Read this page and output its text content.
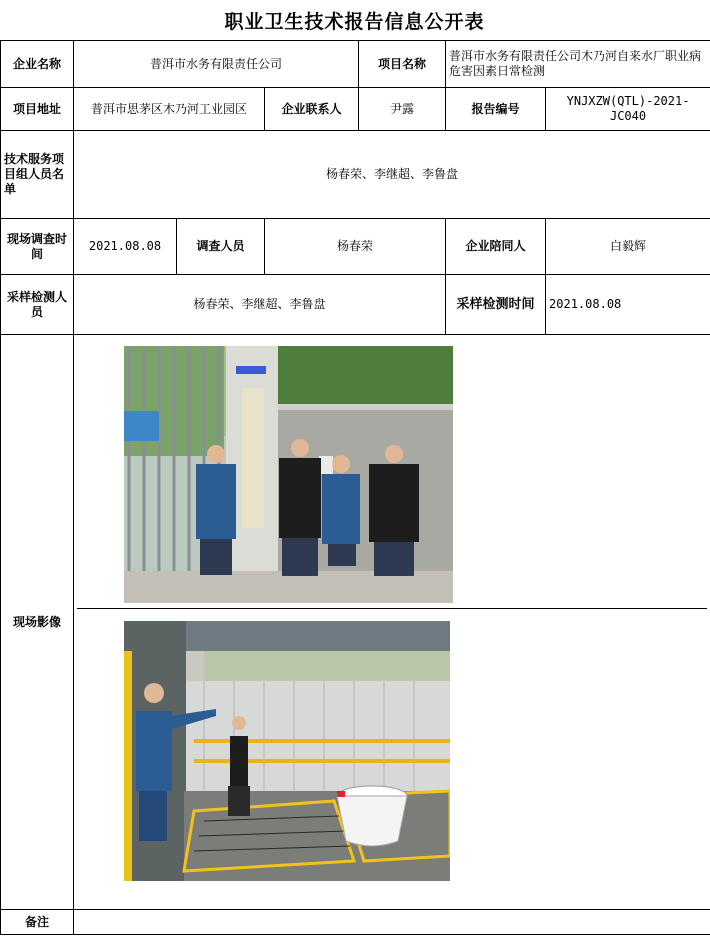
职业卫生技术报告信息公开表
企业名称	普洱市水务有限责任公司			项目名称	普洱市水务有限责任公司木乃河自来水厂职业病危害因素日常检测	
项目地址	普洱市思茅区木乃河工业园区		企业联系人	尹露	报告编号	YNJXZW(QTL)-2021-JC040
技术服务项目组人员名单	杨春荣、李继超、李鲁盘					
现场调查时间	2021.08.08	调查人员	杨春荣		企业陪同人	白毅辉
采样检测人员	杨春荣、李继超、李鲁盘				采样检测时间	2021.08.08
现场影像	

备注						
